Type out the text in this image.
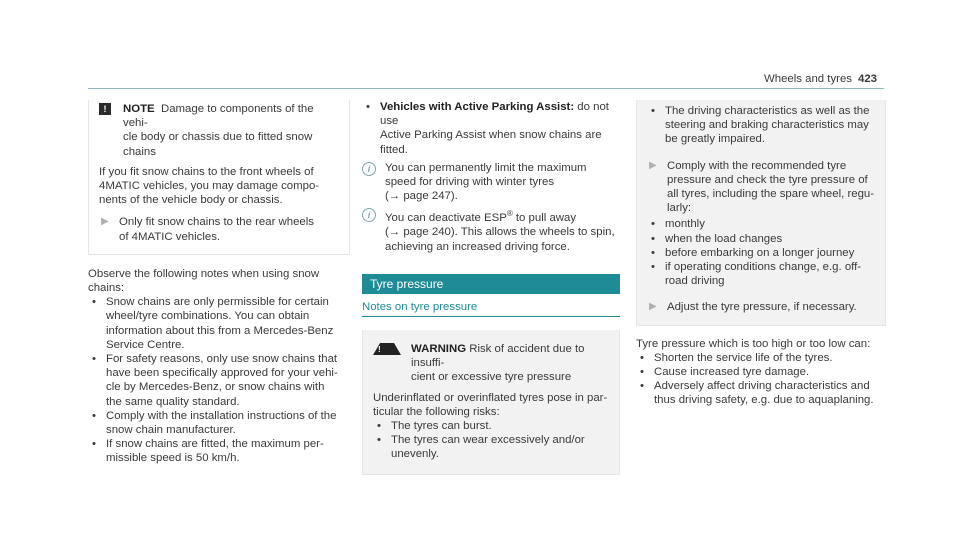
Wheels and tyres 423
!	NOTE Damage to components of the vehi-

cle body or chassis due to fitted snow

chains

If you fit snow chains to the front wheels of

4MATIC vehicles, you may damage compo-

nents of the vehicle body or chassis.

▶ Only fit snow chains to the rear wheels

of 4MATIC vehicles.

Observe the following notes when using snow

chains:

• Snow chains are only permissible for certain

wheel/tyre combinations. You can obtain

information about this from a Mercedes-Benz

Service Centre.

• For safety reasons, only use snow chains that

have been specifically approved for your vehi-

cle by Mercedes-Benz, or snow chains with

the same quality standard.

• Comply with the installation instructions of the

snow chain manufacturer.

• If snow chains are fitted, the maximum per-

missible speed is 50 km/h.

• Vehicles with Active Parking Assist: do not use

Active Parking Assist when snow chains are

fitted.

i	You can permanently limit the maximum

speed for driving with winter tyres

(→ page 247).

i	You can deactivate ESP® to pull away

(→ page 240). This allows the wheels to spin,

achieving an increased driving force.

Tyre pressure
Notes on tyre pressure
!	WARNING Risk of accident due to insuffi-

cient or excessive tyre pressure

Underinflated or overinflated tyres pose in par-

ticular the following risks:

• The tyres can burst.

• The tyres can wear excessively and/or

unevenly.

• The driving characteristics as well as the

steering and braking characteristics may

be greatly impaired.

▶ Comply with the recommended tyre

pressure and check the tyre pressure of

all tyres, including the spare wheel, regu-

larly:

• monthly

• when the load changes

• before embarking on a longer journey

• if operating conditions change, e.g. off-

road driving

▶ Adjust the tyre pressure, if necessary.

Tyre pressure which is too high or too low can:

• Shorten the service life of the tyres.

• Cause increased tyre damage.

• Adversely affect driving characteristics and

thus driving safety, e.g. due to aquaplaning.
